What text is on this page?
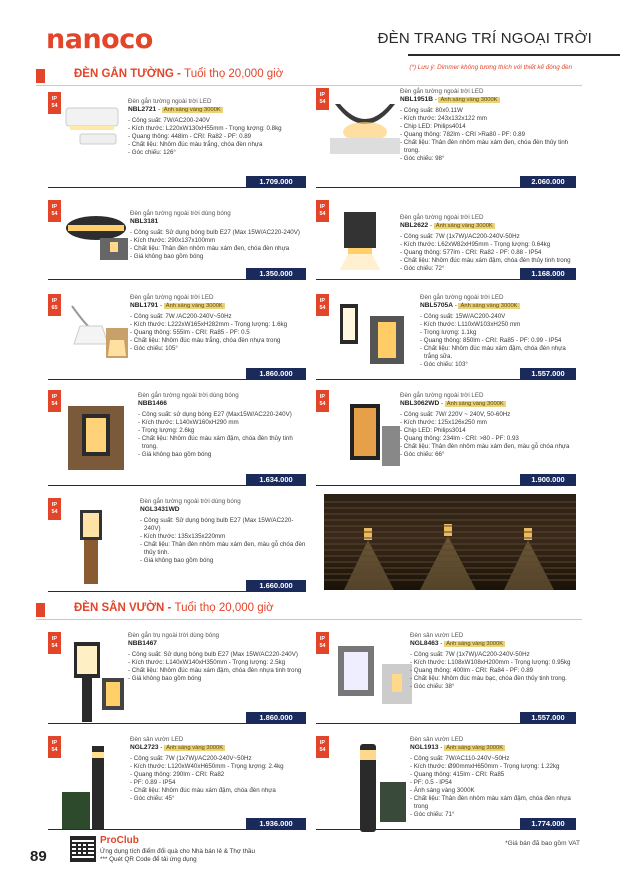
nanoco	ĐÈN TRANG TRÍ NGOẠI TRỜI
ĐÈN GẮN TƯỜNG - Tuổi thọ 20,000 giờ
(*) Lưu ý: Dimmer không tương thích với thiết kế đóng đèn
IP
54
Đèn gắn tường ngoài trời LED
NBL2721 - Ánh sáng vàng 3000K
- Công suất: 7W/AC200-240V
- Kích thước: L220xW130xH55mm - Trọng lượng: 0.8kg
- Quang thông: 448lm - CRI: Ra82 - PF: 0.89
- Chất liệu: Nhôm đúc màu trắng, chóa đèn nhựa
- Góc chiếu: 126°
1.709.000
IP
54
Đèn gắn tường ngoài trời LED
NBL1951B - Ánh sáng vàng 3000K
- Công suất: 80x0.11W
- Kích thước: 243x132x122 mm
- Chip LED: Philips4014
- Quang thông: 782lm - CRI >Ra80 - PF: 0.89
- Chất liệu: Thân đèn nhôm màu xám đen, chóa đèn thủy tinh trong.
- Góc chiếu: 98°
2.060.000
IP
54	Đèn gắn tường ngoài trời dùng bóng
NBL3181
- Công suất: Sử dụng bóng bulb E27 (Max 15W/AC220-240V)
- Kích thước: 290x137x100mm
- Chất liệu: Thân đèn nhôm màu xám đen, chóa đèn nhựa
- Giá không bao gồm bóng
1.350.000
IP
54	Đèn gắn tường ngoài trời LED
NBL2622 - Ánh sáng vàng 3000K
- Công suất: 7W (1x7W)/AC200-240V-50Hz
- Kích thước: L62xW82xH95mm - Trọng lượng: 0.64kg
- Quang thông: 577lm - CRI: Ra82 - PF: 0.88 - IP54
- Chất liệu: Nhôm đúc màu xám đậm, chóa đèn thủy tinh trong
- Góc chiếu: 72°
1.168.000
IP
65
Đèn gắn tường ngoài trời LED
NBL1791 - Ánh sáng vàng 3000K
- Công suất: 7W /AC200-240V~50Hz
- Kích thước: L222xW165xH282mm - Trọng lượng: 1.6kg
- Quang thông: 555lm - CRI: Ra85 - PF: 0.5
- Chất liệu: Nhôm đúc màu trắng, chóa đèn nhựa trong
- Góc chiếu: 105°
1.860.000
IP
54
Đèn gắn tường ngoài trời LED
NBL5705A - Ánh sáng vàng 3000K
- Công suất: 15W/AC200-240V
- Kích thước: L110xW103xH250 mm
- Trọng lượng: 1.1kg
- Quang thông: 850lm - CRI: Ra85 - PF: 0.99 - IP54
- Chất liệu: Nhôm đúc màu xám đậm, chóa đèn nhựa trắng sữa.
- Góc chiếu: 103°
1.557.000
IP
54
Đèn gắn tường ngoài trời dùng bóng
NBB1466
- Công suất: sử dụng bóng E27 (Max15W/AC220-240V)
- Kích thước: L140xW160xH290 mm
- Trọng lượng: 2.6kg
- Chất liệu: Nhôm đúc màu xám đậm, chóa đèn thủy tinh trong.
- Giá không bao gồm bóng
1.634.000
IP
54
Đèn gắn tường ngoài trời LED
NBL3062WD - Ánh sáng vàng 3000K
- Công suất: 7W/ 220V ~ 240V, 50-60Hz
- Kích thước: 125x126x250 mm
- Chip LED: Philips3014
- Quang thông: 234lm - CRI: >80 - PF: 0.93
- Chất liệu: Thân đèn nhôm màu xám đen, màu gỗ chóa nhựa
- Góc chiếu: 66°
1.900.000
IP
54
Đèn gắn tường ngoài trời dùng bóng
NGL3431WD
- Công suất: Sử dụng bóng bulb E27 (Max 15W/AC220-240V)
- Kích thước: 135x135x220mm
- Chất liệu: Thân đèn nhôm màu xám đen, màu gỗ chóa đèn thủy tinh.
- Giá không bao gồm bóng
1.660.000
IP
54
Đèn gắn trụ ngoài trời dùng bóng
NBB1467
- Công suất: Sử dụng bóng bulb E27 (Max 15W/AC220-240V)
- Kích thước: L140xW140xH350mm - Trọng lượng: 2.5kg
- Chất liệu: Nhôm đúc màu xám đậm, chóa đèn nhựa tinh trong
- Giá không bao gồm bóng
1.860.000
IP
54
Đèn sân vườn LED
NGL8463 - Ánh sáng vàng 3000K
- Công suất: 7W (1x7W)/AC200-240V-50Hz
- Kích thước: L108xW108xH200mm - Trọng lượng: 0.95kg
- Quang thông: 400lm - CRI: Ra84 - PF: 0.89
- Chất liệu: Nhôm đúc màu bạc, chóa đèn thủy tinh trong.
- Góc chiếu: 38°
1.557.000
IP
54
Đèn sân vườn LED
NGL2723 - Ánh sáng vàng 3000K
- Công suất: 7W (1x7W)/AC200-240V~50Hz
- Kích thước: L120xW40xH650mm - Trọng lượng: 2.4kg
- Quang thông: 290lm - CRI: Ra82
- PF: 0.89 - IP54
- Chất liệu: Nhôm đúc màu xám đậm, chóa đèn nhựa
- Góc chiếu: 45°
1.936.000
IP
54
Đèn sân vườn LED
NGL1913 - Ánh sáng vàng 3000K
- Công suất: 7W/AC110-240V~50Hz
- Kích thước: Ø90mmxH650mm - Trọng lượng: 1.22kg
- Quang thông: 415lm - CRI: Ra85
- PF: 0.5 - IP54
- Ánh sáng vàng 3000K
- Chất liệu: Thân đèn nhôm màu xám đậm, chóa đèn nhựa trong
- Góc chiếu: 71°
1.774.000
ĐÈN SÂN VƯỜN - Tuổi thọ 20,000 giờ
89
ProClub
Ứng dụng tích điểm đổi quà cho Nhà bán lẻ & Thợ thầu
*** Quét QR Code để tải ứng dụng
*Giá bán đã bao gồm VAT
